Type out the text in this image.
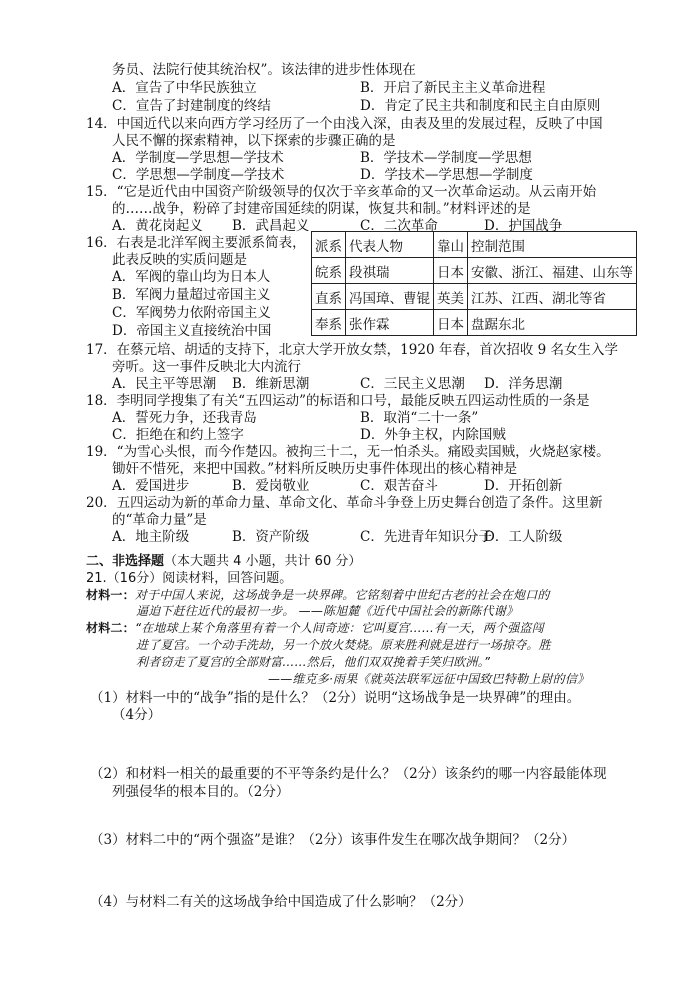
务员、法院行使其统治权”。该法律的进步性体现在
A．宣告了中华民族独立	B．开启了新民主主义革命进程
C．宣告了封建制度的终结	D．肯定了民主共和制度和民主自由原则
14．中国近代以来向西方学习经历了一个由浅入深，由表及里的发展过程，反映了中国
人民不懈的探索精神，以下探索的步骤正确的是
A．学制度—学思想—学技术	B．学技术—学制度—学思想
C．学思想—学制度—学技术	D．学技术—学思想—学制度
15．“它是近代由中国资产阶级领导的仅次于辛亥革命的又一次革命运动。从云南开始
的……战争，粉碎了封建帝国延续的阴谋，恢复共和制。”材料评述的是
A．黄花岗起义 B．武昌起义	C．二次革命	D．护国战争
16．右表是北洋军阀主要派系简表，
此表反映的实质问题是
A．军阀的靠山均为日本人
B．军阀力量超过帝国主义
C．军阀势力依附帝国主义
D．帝国主义直接统治中国
派系	代表人物	靠山	控制范围
皖系	段祺瑞	日本	安徽、浙江、福建、山东等
直系	冯国璋、曹锟	英美	江苏、江西、湖北等省
奉系	张作霖	日本	盘踞东北
17．在蔡元培、胡适的支持下，北京大学开放女禁，1920 年春，首次招收 9 名女生入学
旁听。这一事件反映北大内流行
A．民主平等思潮 B．维新思潮	C．三民主义思潮 D．洋务思潮
18．李明同学搜集了有关“五四运动”的标语和口号，最能反映五四运动性质的一条是
A．誓死力争，还我青岛	B．取消“二十一条”
C．拒绝在和约上签字	D．外争主权，内除国贼
19．“为雪心头恨，而今作楚囚。被拘三十二，无一怕杀头。痛殴卖国贼，火烧赵家楼。
锄奸不惜死，来把中国救。”材料所反映历史事件体现出的核心精神是
A．爱国进步	B．爱岗敬业	C．艰苦奋斗	D．开拓创新
20．五四运动为新的革命力量、革命文化、革命斗争登上历史舞台创造了条件。这里新
的“革命力量”是
A．地主阶级	B．资产阶级	C．先进青年知识分子
D．工人阶级
二、非选择题（本大题共 4 小题，共计 60 分）
21.（16分）阅读材料，回答问题。
材料一：对于中国人来说，这场战争是一块界碑。它铭刻着中世纪古老的社会在炮口的
逼迫下赶往近代的最初一步。 ——陈旭麓《近代中国社会的新陈代谢》
材料二：“在地球上某个角落里有着一个人间奇迹：它叫夏宫……有一天，两个强盗闯
进了夏宫。一个动手洗劫，另一个放火焚烧。原来胜利就是进行一场掠夺。胜
利者窃走了夏宫的全部财富……然后，他们双双挽着手笑归欧洲。”
——维克多·雨果《就英法联军远征中国致巴特勒上尉的信》
（1）材料一中的“战争”指的是什么？（2分）说明“这场战争是一块界碑”的理由。
（4分）
（2）和材料一相关的最重要的不平等条约是什么？（2分）该条约的哪一内容最能体现
列强侵华的根本目的。（2分）
（3）材料二中的“两个强盗”是谁？（2分）该事件发生在哪次战争期间？（2分）
（4）与材料二有关的这场战争给中国造成了什么影响？（2分）
